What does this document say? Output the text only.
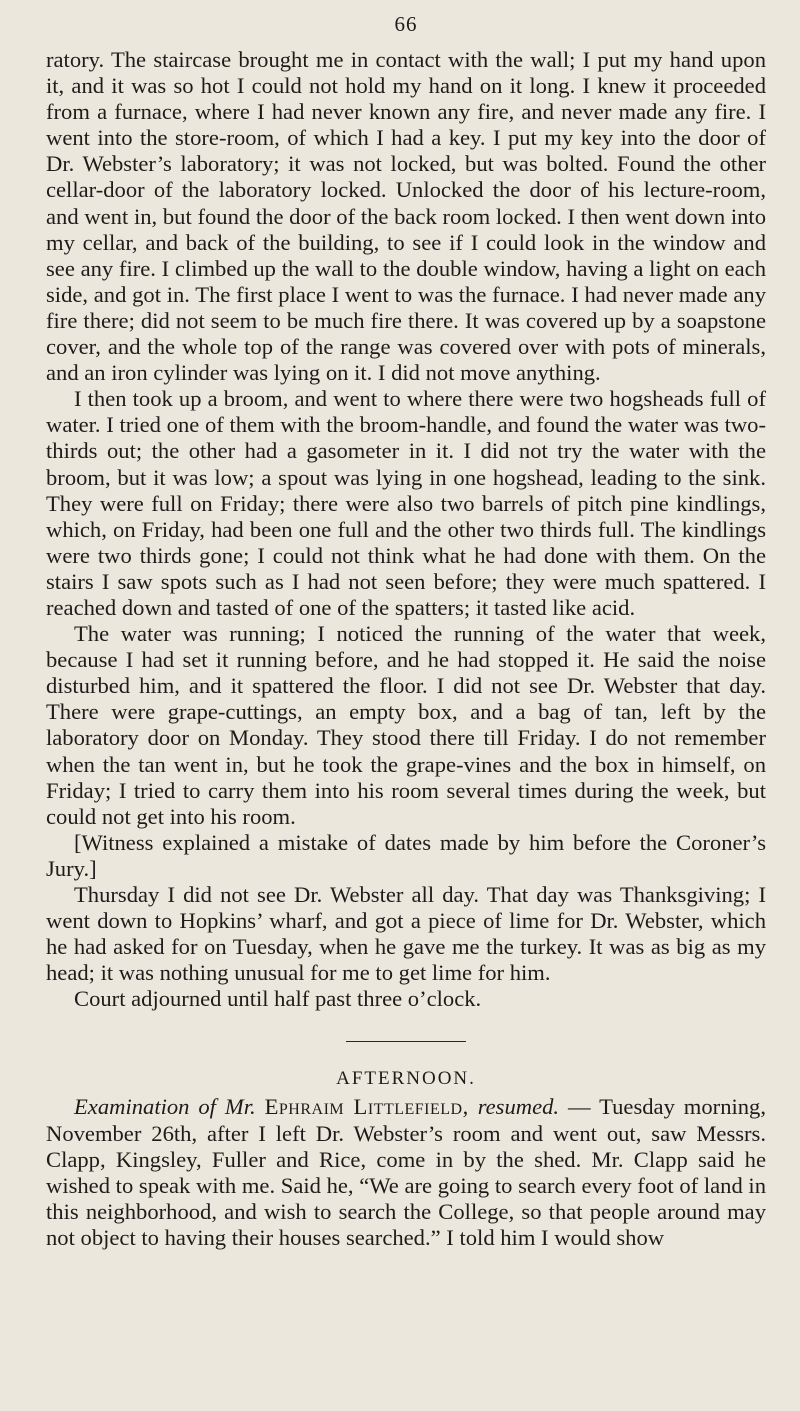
66

ratory. The staircase brought me in contact with the wall; I put my hand upon it, and it was so hot I could not hold my hand on it long. I knew it proceeded from a furnace, where I had never known any fire, and never made any fire. I went into the store-room, of which I had a key. I put my key into the door of Dr. Webster’s laboratory; it was not locked, but was bolted. Found the other cellar-door of the laboratory locked. Unlocked the door of his lecture-room, and went in, but found the door of the back room locked. I then went down into my cellar, and back of the building, to see if I could look in the window and see any fire. I climbed up the wall to the double window, having a light on each side, and got in. The first place I went to was the furnace. I had never made any fire there; did not seem to be much fire there. It was covered up by a soapstone cover, and the whole top of the range was covered over with pots of minerals, and an iron cylinder was lying on it. I did not move anything.

I then took up a broom, and went to where there were two hogsheads full of water. I tried one of them with the broom-handle, and found the water was two-thirds out; the other had a gasometer in it. I did not try the water with the broom, but it was low; a spout was lying in one hogshead, leading to the sink. They were full on Friday; there were also two barrels of pitch pine kindlings, which, on Friday, had been one full and the other two thirds full. The kindlings were two thirds gone; I could not think what he had done with them. On the stairs I saw spots such as I had not seen before; they were much spattered. I reached down and tasted of one of the spatters; it tasted like acid.

The water was running; I noticed the running of the water that week, because I had set it running before, and he had stopped it. He said the noise disturbed him, and it spattered the floor. I did not see Dr. Webster that day. There were grape-cuttings, an empty box, and a bag of tan, left by the laboratory door on Monday. They stood there till Friday. I do not remember when the tan went in, but he took the grape-vines and the box in himself, on Friday; I tried to carry them into his room several times during the week, but could not get into his room.

[Witness explained a mistake of dates made by him before the Coroner’s Jury.]

Thursday I did not see Dr. Webster all day. That day was Thanksgiving; I went down to Hopkins’ wharf, and got a piece of lime for Dr. Webster, which he had asked for on Tuesday, when he gave me the turkey. It was as big as my head; it was nothing unusual for me to get lime for him.

Court adjourned until half past three o’clock.

AFTERNOON.

Examination of Mr. Ephraim Littlefield, resumed. — Tuesday morning, November 26th, after I left Dr. Webster’s room and went out, saw Messrs. Clapp, Kingsley, Fuller and Rice, come in by the shed. Mr. Clapp said he wished to speak with me. Said he, “We are going to search every foot of land in this neighborhood, and wish to search the College, so that people around may not object to having their houses searched.” I told him I would show
